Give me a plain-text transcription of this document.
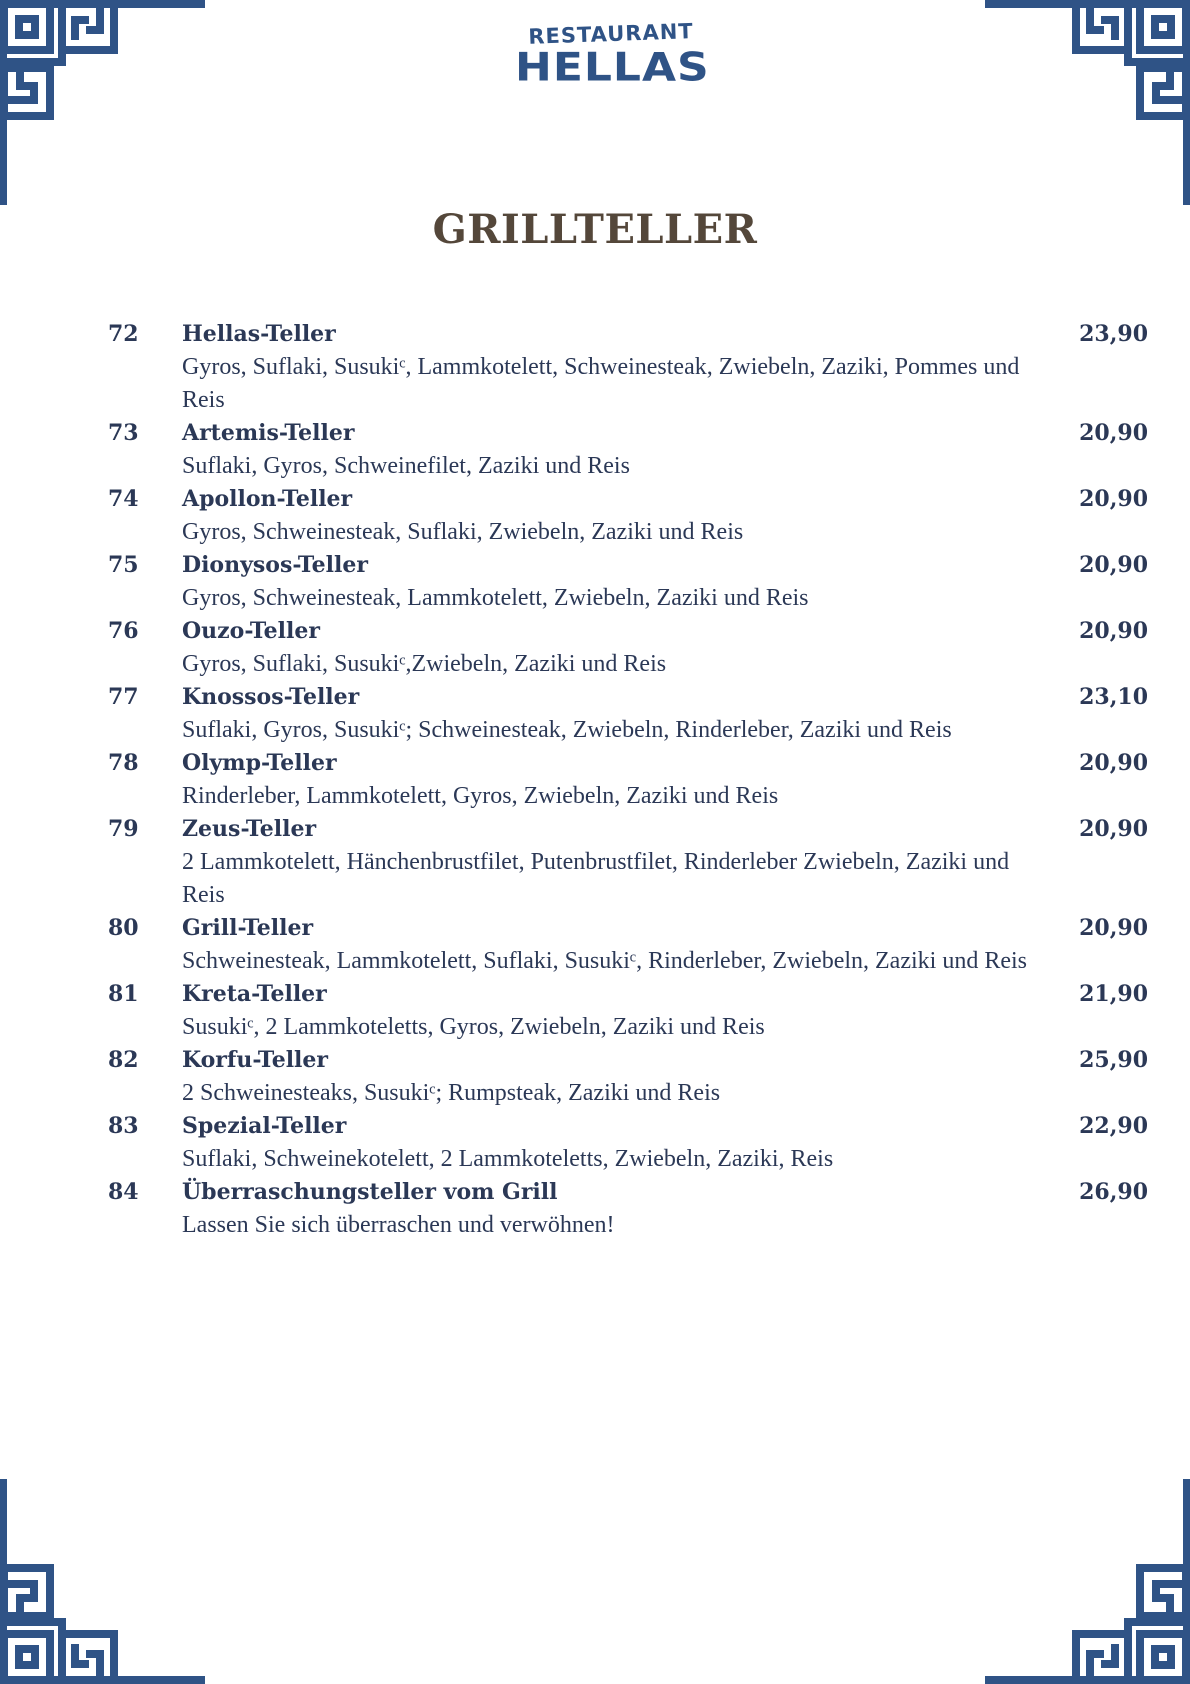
RESTAURANT
HELLAS
GRILLTELLER
72 Hellas-Teller
Gyros, Suflaki, Susukiᶜ, Lammkotelett, Schweinesteak, Zwiebeln, Zaziki, Pommes und Reis
23,90
73 Artemis-Teller
Suflaki, Gyros, Schweinefilet, Zaziki und Reis
20,90
74 Apollon-Teller
Gyros, Schweinesteak, Suflaki, Zwiebeln, Zaziki und Reis
20,90
75 Dionysos-Teller
Gyros, Schweinesteak, Lammkotelett, Zwiebeln, Zaziki und Reis
20,90
76 Ouzo-Teller
Gyros, Suflaki, Susukiᶜ,Zwiebeln, Zaziki und Reis
20,90
77 Knossos-Teller
Suflaki, Gyros, Susukiᶜ; Schweinesteak, Zwiebeln, Rinderleber, Zaziki und Reis
23,10
78 Olymp-Teller
Rinderleber, Lammkotelett, Gyros, Zwiebeln, Zaziki und Reis
20,90
79 Zeus-Teller
2 Lammkotelett, Hänchenbrustfilet, Putenbrustfilet, Rinderleber Zwiebeln, Zaziki und Reis
20,90
80 Grill-Teller
Schweinesteak, Lammkotelett, Suflaki, Susukiᶜ, Rinderleber, Zwiebeln, Zaziki und Reis
20,90
81 Kreta-Teller
Susukiᶜ, 2 Lammkoteletts, Gyros, Zwiebeln, Zaziki und Reis
21,90
82 Korfu-Teller
2 Schweinesteaks, Susukiᶜ; Rumpsteak, Zaziki und Reis
25,90
83 Spezial-Teller
Suflaki, Schweinekotelett, 2 Lammkoteletts, Zwiebeln, Zaziki, Reis
22,90
84 Überraschungsteller vom Grill
Lassen Sie sich überraschen und verwöhnen!
26,90
